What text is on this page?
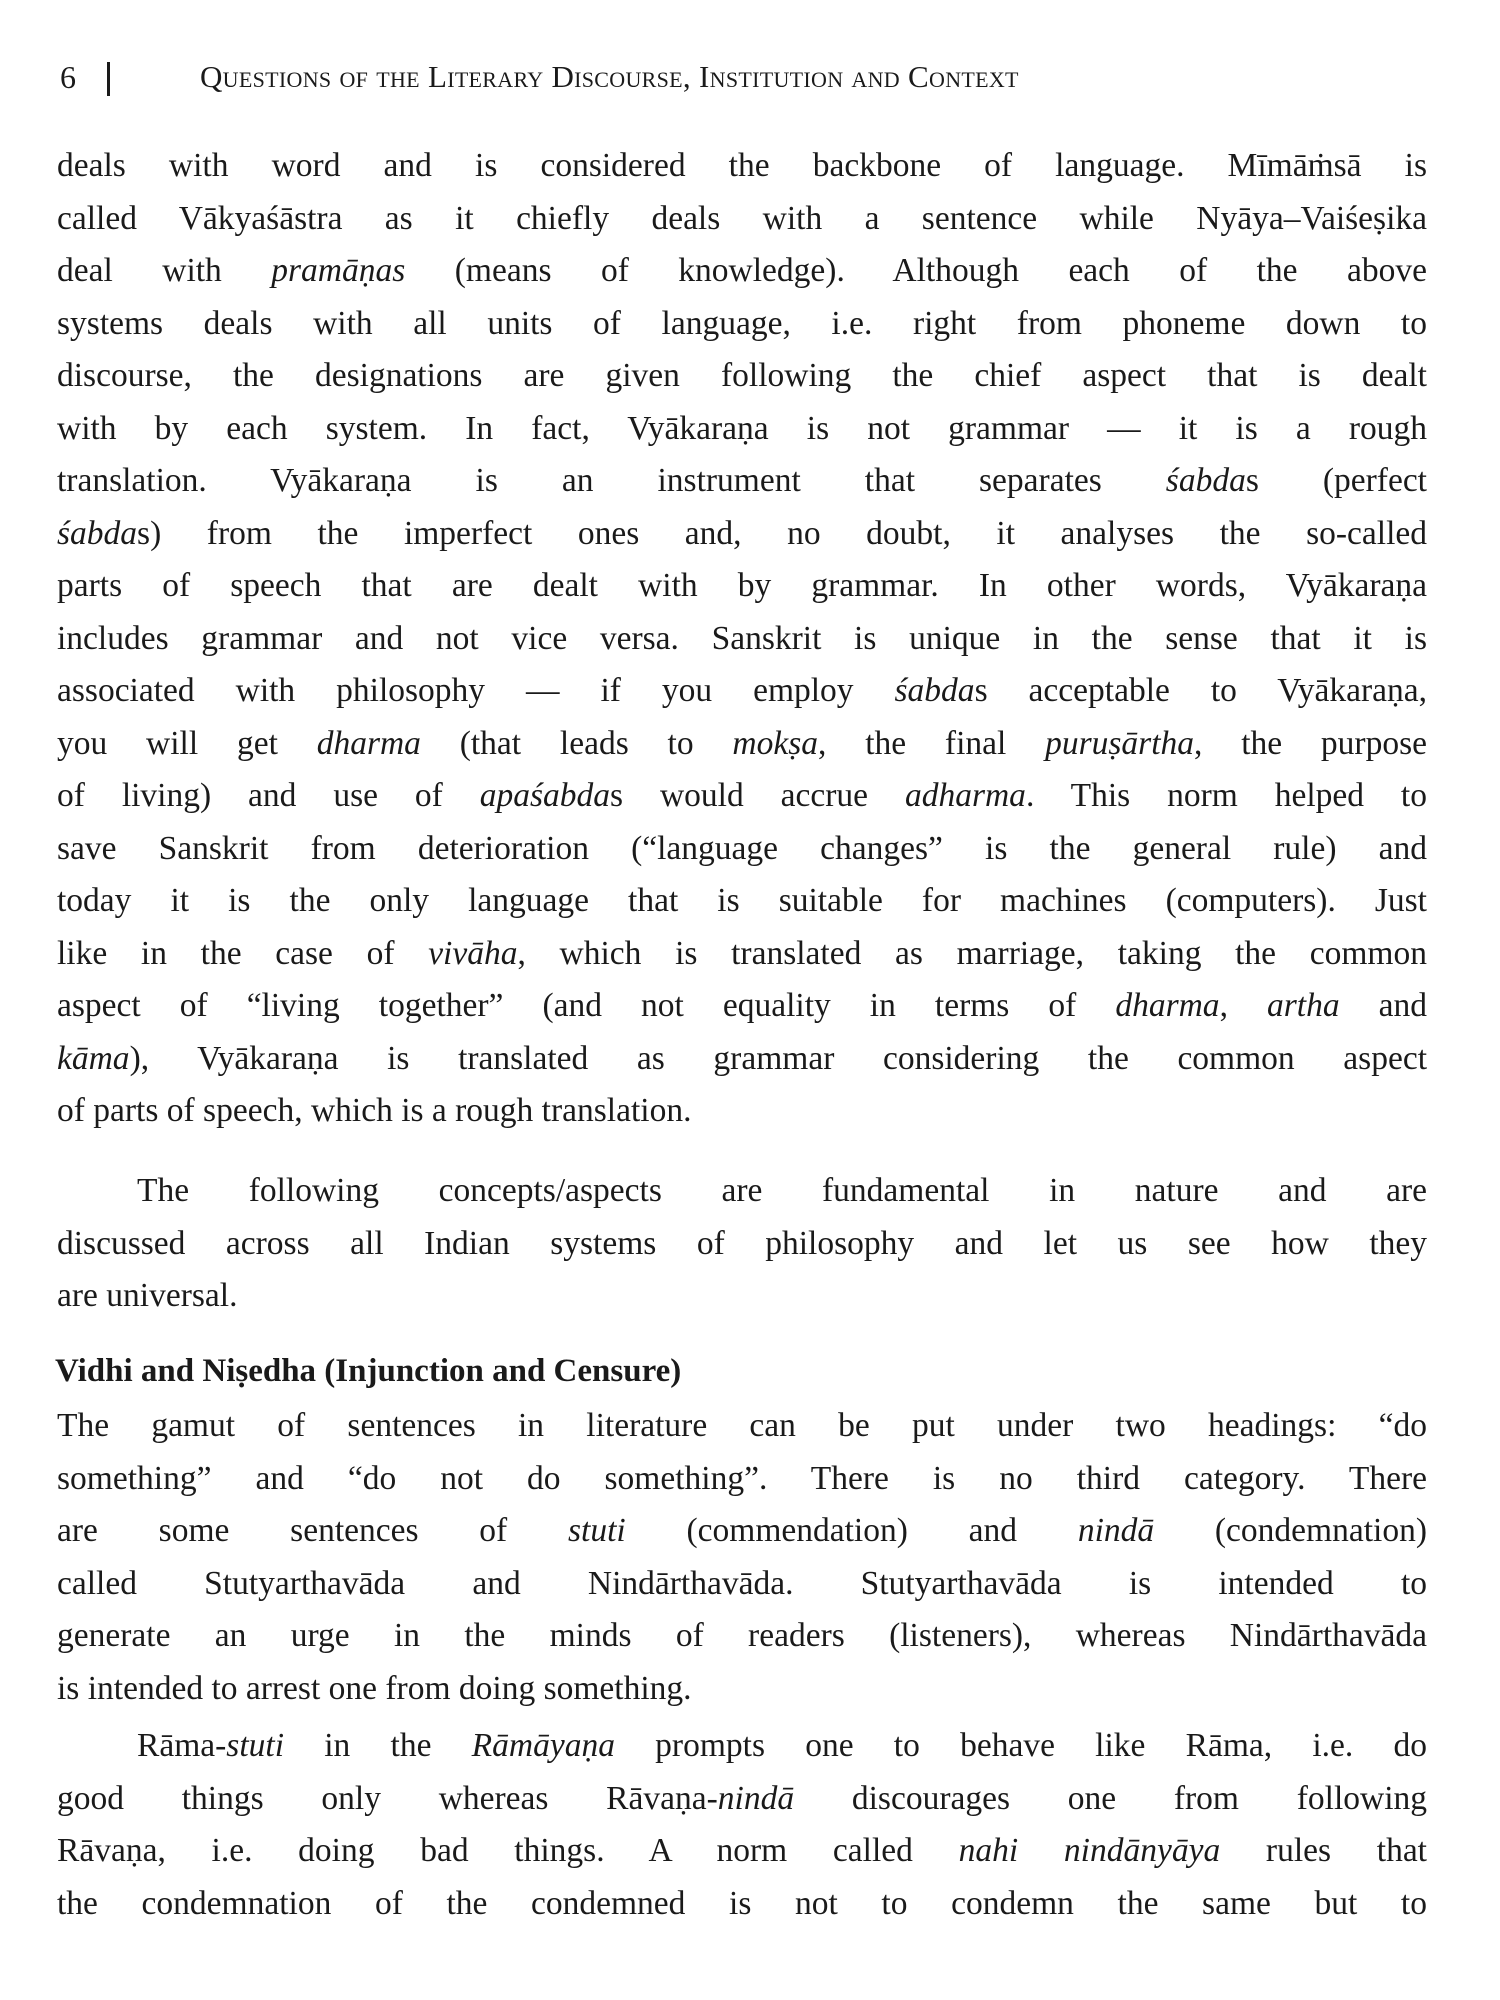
6	Questions of the Literary Discourse, Institution and Context
deals with word and is considered the backbone of language. Mīmāṁsā is
called Vākyaśāstra as it chiefly deals with a sentence while Nyāya–Vaiśeṣika
deal with pramāṇas (means of knowledge). Although each of the above
systems deals with all units of language, i.e. right from phoneme down to
discourse, the designations are given following the chief aspect that is dealt
with by each system. In fact, Vyākaraṇa is not grammar — it is a rough
translation. Vyākaraṇa is an instrument that separates śabdas (perfect
śabdas) from the imperfect ones and, no doubt, it analyses the so-called
parts of speech that are dealt with by grammar. In other words, Vyākaraṇa
includes grammar and not vice versa. Sanskrit is unique in the sense that it is
associated with philosophy — if you employ śabdas acceptable to Vyākaraṇa,
you will get dharma (that leads to mokṣa, the final puruṣārtha, the purpose
of living) and use of apaśabdas would accrue adharma. This norm helped to
save Sanskrit from deterioration (“language changes” is the general rule) and
today it is the only language that is suitable for machines (computers). Just
like in the case of vivāha, which is translated as marriage, taking the common
aspect of “living together” (and not equality in terms of dharma, artha and
kāma), Vyākaraṇa is translated as grammar considering the common aspect
of parts of speech, which is a rough translation.
The following concepts/aspects are fundamental in nature and are
discussed across all Indian systems of philosophy and let us see how they
are universal.
Vidhi and Niṣedha (Injunction and Censure)
The gamut of sentences in literature can be put under two headings: “do
something” and “do not do something”. There is no third category. There
are some sentences of stuti (commendation) and nindā (condemnation)
called Stutyarthavāda and Nindārthavāda. Stutyarthavāda is intended to
generate an urge in the minds of readers (listeners), whereas Nindārthavāda
is intended to arrest one from doing something.
Rāma-stuti in the Rāmāyaṇa prompts one to behave like Rāma, i.e. do
good things only whereas Rāvaṇa-nindā discourages one from following
Rāvaṇa, i.e. doing bad things. A norm called nahi nindānyāya rules that
the condemnation of the condemned is not to condemn the same but to
